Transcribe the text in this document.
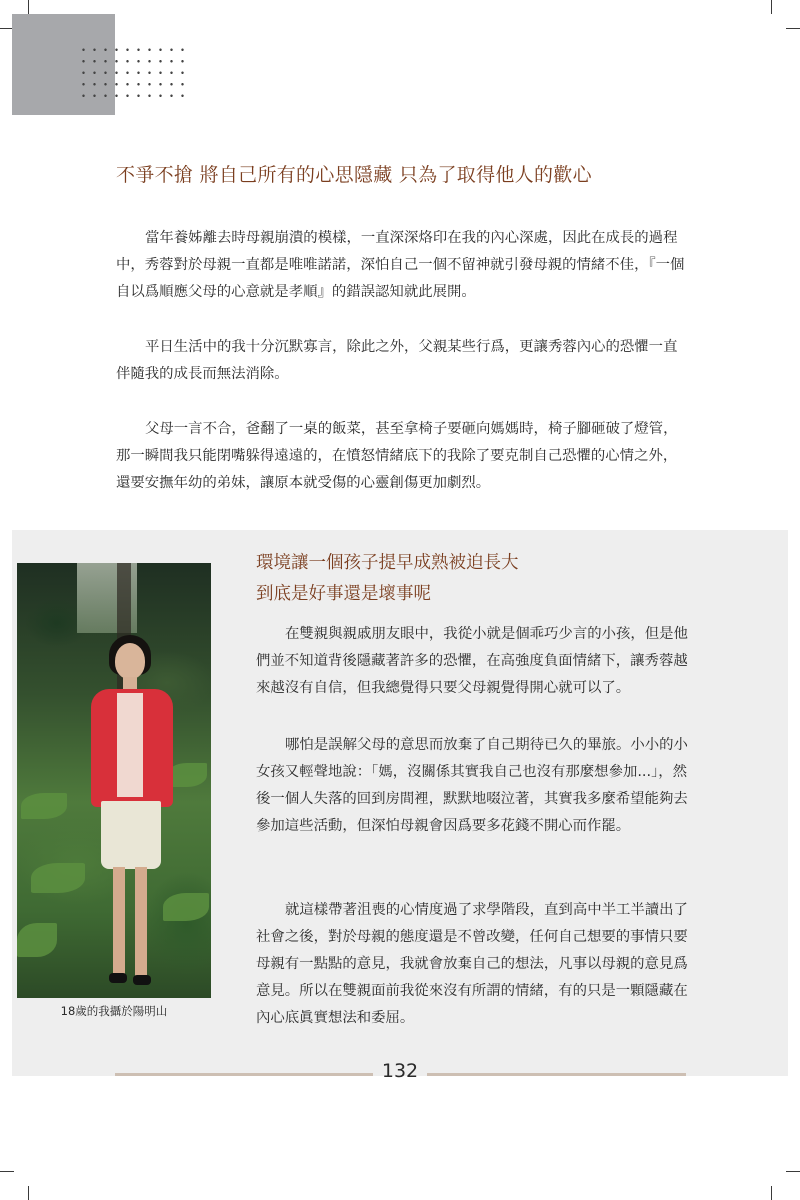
不爭不搶 將自己所有的心思隱藏 只為了取得他人的歡心

當年養姊離去時母親崩潰的模樣，一直深深烙印在我的內心深處，因此在成長的過程中，秀蓉對於母親一直都是唯唯諾諾，深怕自己一個不留神就引發母親的情緒不佳，『一個自以爲順應父母的心意就是孝順』的錯誤認知就此展開。

平日生活中的我十分沉默寡言，除此之外，父親某些行爲，更讓秀蓉內心的恐懼一直伴隨我的成長而無法消除。

父母一言不合，爸翻了一桌的飯菜，甚至拿椅子要砸向媽媽時，椅子腳砸破了燈管，那一瞬間我只能閉嘴躲得遠遠的，在憤怒情緒底下的我除了要克制自己恐懼的心情之外，還要安撫年幼的弟妹，讓原本就受傷的心靈創傷更加劇烈。

18歲的我攝於陽明山

環境讓一個孩子提早成熟被迫長大
到底是好事還是壞事呢

在雙親與親戚朋友眼中，我從小就是個乖巧少言的小孩，但是他們並不知道背後隱藏著許多的恐懼，在高強度負面情緒下，讓秀蓉越來越沒有自信，但我總覺得只要父母親覺得開心就可以了。

哪怕是誤解父母的意思而放棄了自己期待已久的畢旅。小小的小女孩又輕聲地說：「媽，沒關係其實我自己也沒有那麼想參加...」，然後一個人失落的回到房間裡，默默地啜泣著，其實我多麼希望能夠去參加這些活動，但深怕母親會因爲要多花錢不開心而作罷。

就這樣帶著沮喪的心情度過了求學階段，直到高中半工半讀出了社會之後，對於母親的態度還是不曾改變，任何自己想要的事情只要母親有一點點的意見，我就會放棄自己的想法，凡事以母親的意見爲意見。所以在雙親面前我從來沒有所謂的情緒，有的只是一顆隱藏在內心底眞實想法和委屈。

132
